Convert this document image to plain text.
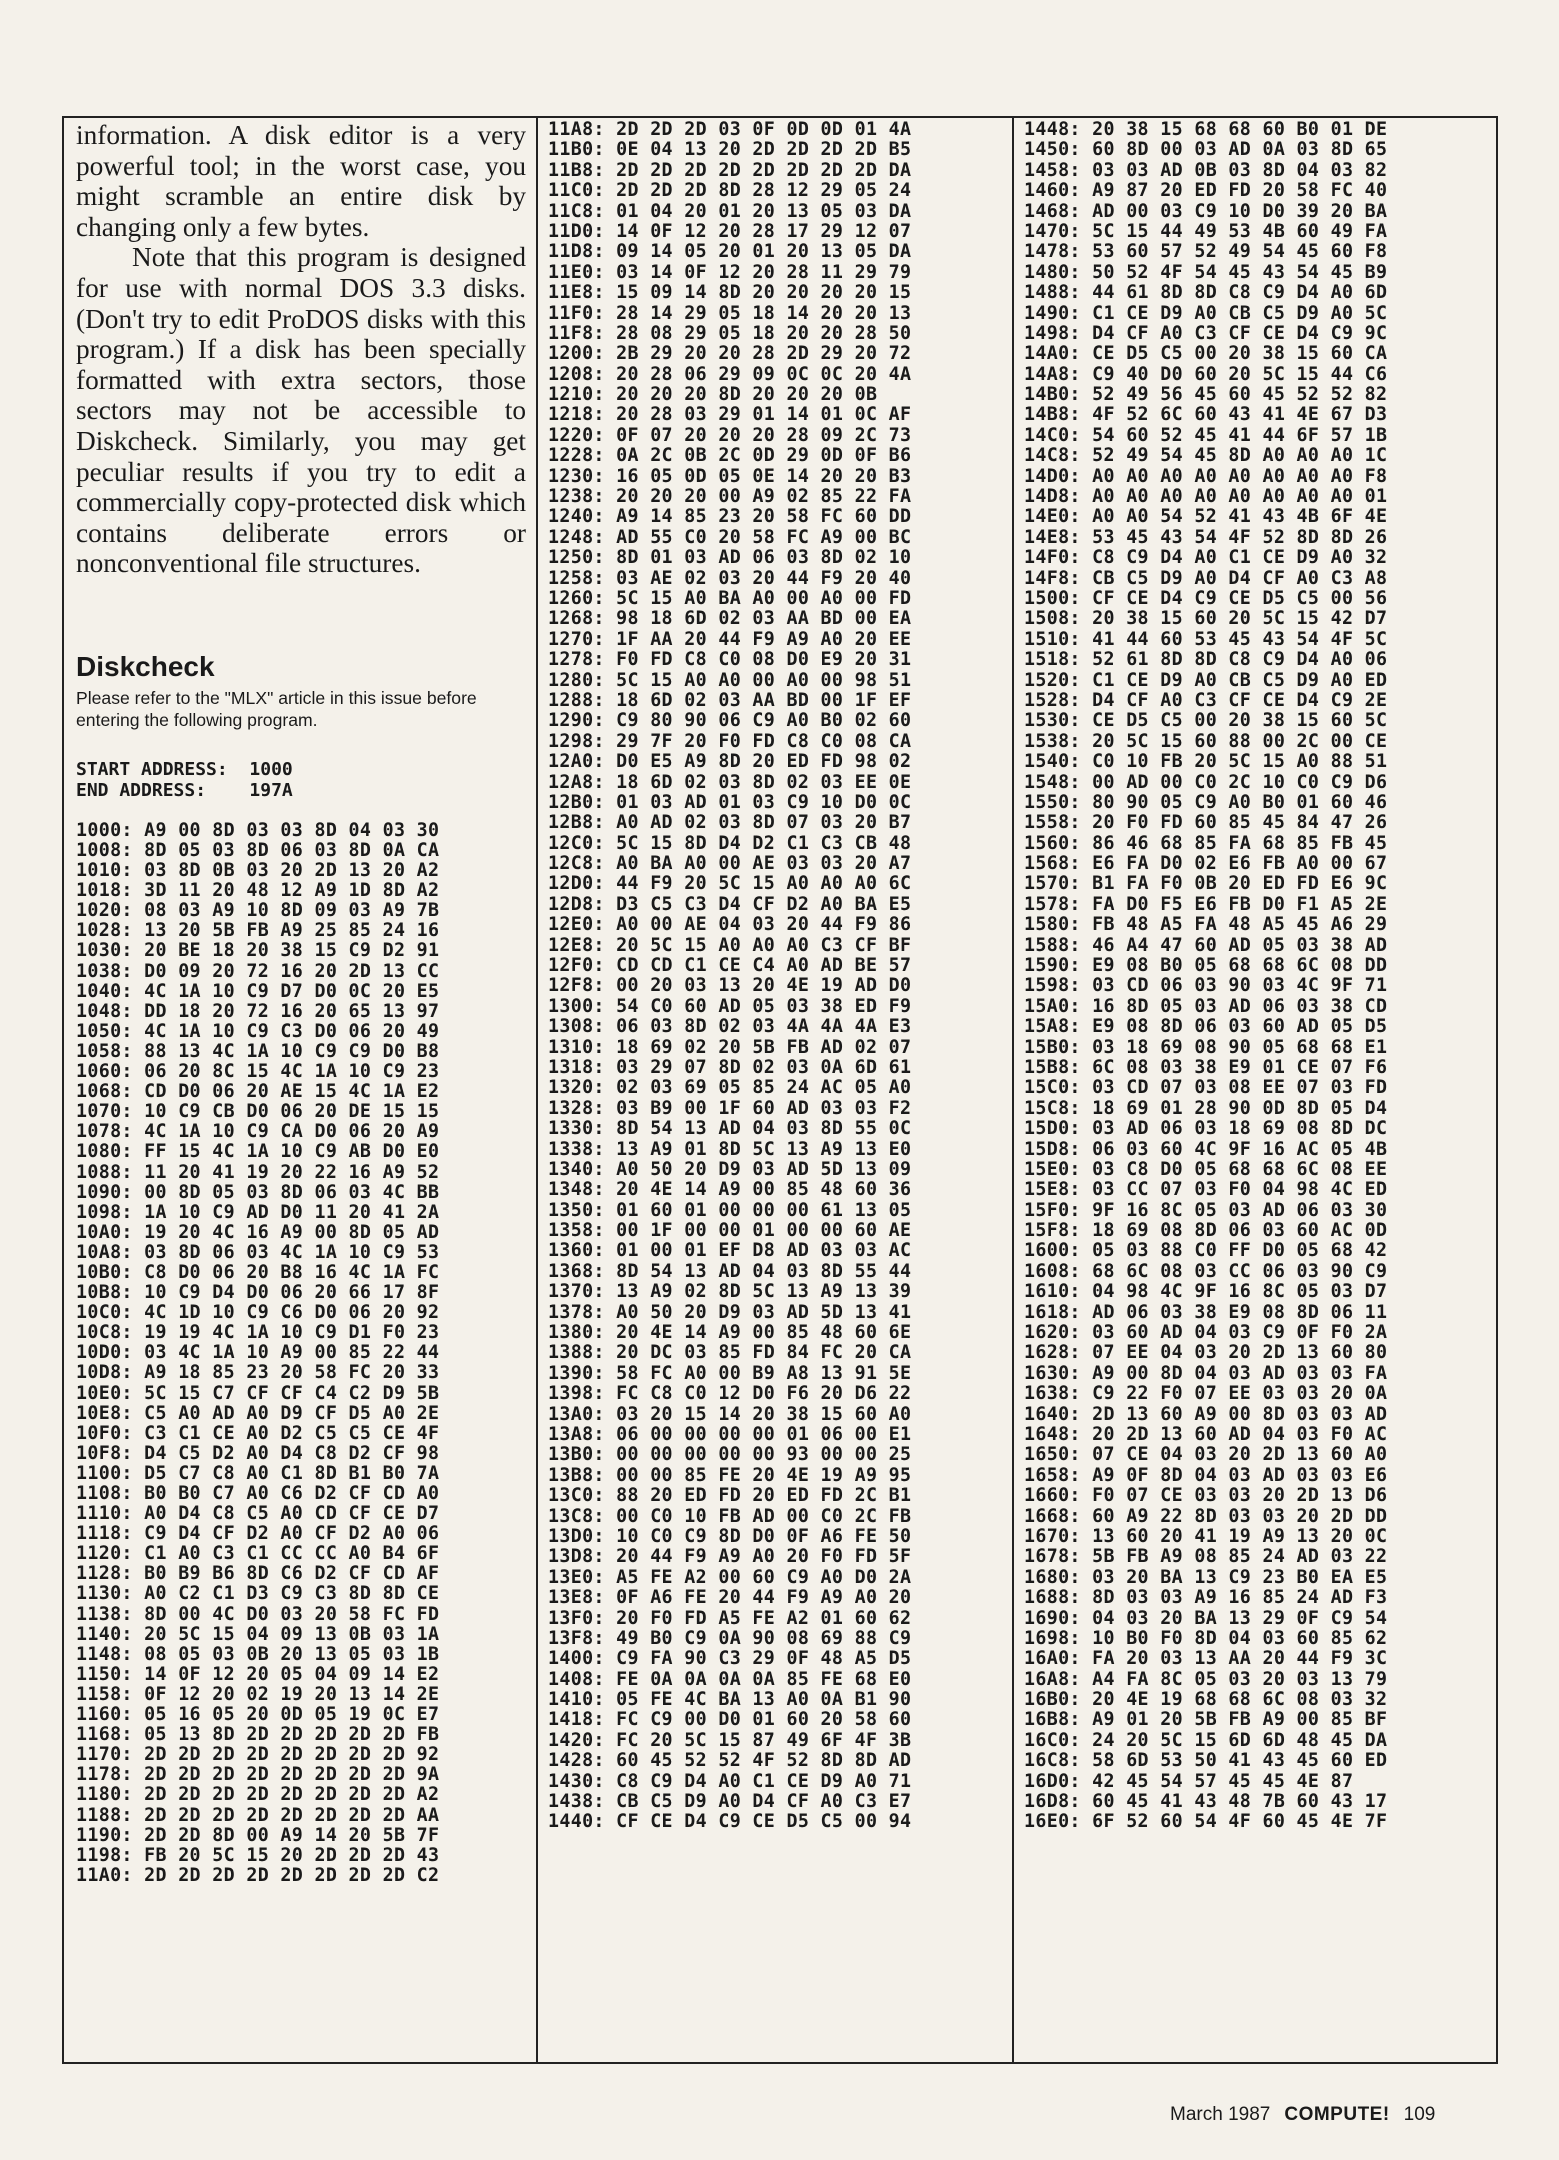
information. A disk editor is a very powerful tool; in the worst case, you might scramble an entire disk by changing only a few bytes.

Note that this program is designed for use with normal DOS 3.3 disks. (Don't try to edit ProDOS disks with this program.) If a disk has been specially formatted with extra sectors, those sectors may not be accessible to Diskcheck. Similarly, you may get peculiar results if you try to edit a commercially copy-protected disk which contains deliberate errors or nonconventional file structures.

Diskcheck
Please refer to the "MLX" article in this issue before entering the following program.
START ADDRESS:  1000
END ADDRESS:    197A
1000: A9 00 8D 03 03 8D 04 03 30
1008: 8D 05 03 8D 06 03 8D 0A CA
1010: 03 8D 0B 03 20 2D 13 20 A2
1018: 3D 11 20 48 12 A9 1D 8D A2
1020: 08 03 A9 10 8D 09 03 A9 7B
1028: 13 20 5B FB A9 25 85 24 16
1030: 20 BE 18 20 38 15 C9 D2 91
1038: D0 09 20 72 16 20 2D 13 CC
1040: 4C 1A 10 C9 D7 D0 0C 20 E5
1048: DD 18 20 72 16 20 65 13 97
1050: 4C 1A 10 C9 C3 D0 06 20 49
1058: 88 13 4C 1A 10 C9 C9 D0 B8
1060: 06 20 8C 15 4C 1A 10 C9 23
1068: CD D0 06 20 AE 15 4C 1A E2
1070: 10 C9 CB D0 06 20 DE 15 15
1078: 4C 1A 10 C9 CA D0 06 20 A9
1080: FF 15 4C 1A 10 C9 AB D0 E0
1088: 11 20 41 19 20 22 16 A9 52
1090: 00 8D 05 03 8D 06 03 4C BB
1098: 1A 10 C9 AD D0 11 20 41 2A
10A0: 19 20 4C 16 A9 00 8D 05 AD
10A8: 03 8D 06 03 4C 1A 10 C9 53
10B0: C8 D0 06 20 B8 16 4C 1A FC
10B8: 10 C9 D4 D0 06 20 66 17 8F
10C0: 4C 1D 10 C9 C6 D0 06 20 92
10C8: 19 19 4C 1A 10 C9 D1 F0 23
10D0: 03 4C 1A 10 A9 00 85 22 44
10D8: A9 18 85 23 20 58 FC 20 33
10E0: 5C 15 C7 CF CF C4 C2 D9 5B
10E8: C5 A0 AD A0 D9 CF D5 A0 2E
10F0: C3 C1 CE A0 D2 C5 C5 CE 4F
10F8: D4 C5 D2 A0 D4 C8 D2 CF 98
1100: D5 C7 C8 A0 C1 8D B1 B0 7A
1108: B0 B0 C7 A0 C6 D2 CF CD A0
1110: A0 D4 C8 C5 A0 CD CF CE D7
1118: C9 D4 CF D2 A0 CF D2 A0 06
1120: C1 A0 C3 C1 CC CC A0 B4 6F
1128: B0 B9 B6 8D C6 D2 CF CD AF
1130: A0 C2 C1 D3 C9 C3 8D 8D CE
1138: 8D 00 4C D0 03 20 58 FC FD
1140: 20 5C 15 04 09 13 0B 03 1A
1148: 08 05 03 0B 20 13 05 03 1B
1150: 14 0F 12 20 05 04 09 14 E2
1158: 0F 12 20 02 19 20 13 14 2E
1160: 05 16 05 20 0D 05 19 0C E7
1168: 05 13 8D 2D 2D 2D 2D 2D FB
1170: 2D 2D 2D 2D 2D 2D 2D 2D 92
1178: 2D 2D 2D 2D 2D 2D 2D 2D 9A
1180: 2D 2D 2D 2D 2D 2D 2D 2D A2
1188: 2D 2D 2D 2D 2D 2D 2D 2D AA
1190: 2D 2D 8D 00 A9 14 20 5B 7F
1198: FB 20 5C 15 20 2D 2D 2D 43
11A0: 2D 2D 2D 2D 2D 2D 2D 2D C2
11A8: 2D 2D 2D 03 0F 0D 0D 01 4A
11B0: 0E 04 13 20 2D 2D 2D 2D B5
11B8: 2D 2D 2D 2D 2D 2D 2D 2D DA
11C0: 2D 2D 2D 8D 28 12 29 05 24
11C8: 01 04 20 01 20 13 05 03 DA
11D0: 14 0F 12 20 28 17 29 12 07
11D8: 09 14 05 20 01 20 13 05 DA
11E0: 03 14 0F 12 20 28 11 29 79
11E8: 15 09 14 8D 20 20 20 20 15
11F0: 28 14 29 05 18 14 20 20 13
11F8: 28 08 29 05 18 20 20 28 50
1200: 2B 29 20 20 28 2D 29 20 72
1208: 20 28 06 29 09 0C 0C 20 4A
1210: 20 20 20 8D 20 20 20 0B
1218: 20 28 03 29 01 14 01 0C AF
1220: 0F 07 20 20 20 28 09 2C 73
1228: 0A 2C 0B 2C 0D 29 0D 0F B6
1230: 16 05 0D 05 0E 14 20 20 B3
1238: 20 20 20 00 A9 02 85 22 FA
1240: A9 14 85 23 20 58 FC 60 DD
1248: AD 55 C0 20 58 FC A9 00 BC
1250: 8D 01 03 AD 06 03 8D 02 10
1258: 03 AE 02 03 20 44 F9 20 40
1260: 5C 15 A0 BA A0 00 A0 00 FD
1268: 98 18 6D 02 03 AA BD 00 EA
1270: 1F AA 20 44 F9 A9 A0 20 EE
1278: F0 FD C8 C0 08 D0 E9 20 31
1280: 5C 15 A0 A0 00 A0 00 98 51
1288: 18 6D 02 03 AA BD 00 1F EF
1290: C9 80 90 06 C9 A0 B0 02 60
1298: 29 7F 20 F0 FD C8 C0 08 CA
12A0: D0 E5 A9 8D 20 ED FD 98 02
12A8: 18 6D 02 03 8D 02 03 EE 0E
12B0: 01 03 AD 01 03 C9 10 D0 0C
12B8: A0 AD 02 03 8D 07 03 20 B7
12C0: 5C 15 8D D4 D2 C1 C3 CB 48
12C8: A0 BA A0 00 AE 03 03 20 A7
12D0: 44 F9 20 5C 15 A0 A0 A0 6C
12D8: D3 C5 C3 D4 CF D2 A0 BA E5
12E0: A0 00 AE 04 03 20 44 F9 86
12E8: 20 5C 15 A0 A0 A0 C3 CF BF
12F0: CD CD C1 CE C4 A0 AD BE 57
12F8: 00 20 03 13 20 4E 19 AD D0
1300: 54 C0 60 AD 05 03 38 ED F9
1308: 06 03 8D 02 03 4A 4A 4A E3
1310: 18 69 02 20 5B FB AD 02 07
1318: 03 29 07 8D 02 03 0A 6D 61
1320: 02 03 69 05 85 24 AC 05 A0
1328: 03 B9 00 1F 60 AD 03 03 F2
1330: 8D 54 13 AD 04 03 8D 55 0C
1338: 13 A9 01 8D 5C 13 A9 13 E0
1340: A0 50 20 D9 03 AD 5D 13 09
1348: 20 4E 14 A9 00 85 48 60 36
1350: 01 60 01 00 00 00 61 13 05
1358: 00 1F 00 00 01 00 00 60 AE
1360: 01 00 01 EF D8 AD 03 03 AC
1368: 8D 54 13 AD 04 03 8D 55 44
1370: 13 A9 02 8D 5C 13 A9 13 39
1378: A0 50 20 D9 03 AD 5D 13 41
1380: 20 4E 14 A9 00 85 48 60 6E
1388: 20 DC 03 85 FD 84 FC 20 CA
1390: 58 FC A0 00 B9 A8 13 91 5E
1398: FC C8 C0 12 D0 F6 20 D6 22
13A0: 03 20 15 14 20 38 15 60 A0
13A8: 06 00 00 00 00 01 06 00 E1
13B0: 00 00 00 00 00 93 00 00 25
13B8: 00 00 85 FE 20 4E 19 A9 95
13C0: 88 20 ED FD 20 ED FD 2C B1
13C8: 00 C0 10 FB AD 00 C0 2C FB
13D0: 10 C0 C9 8D D0 0F A6 FE 50
13D8: 20 44 F9 A9 A0 20 F0 FD 5F
13E0: A5 FE A2 00 60 C9 A0 D0 2A
13E8: 0F A6 FE 20 44 F9 A9 A0 20
13F0: 20 F0 FD A5 FE A2 01 60 62
13F8: 49 B0 C9 0A 90 08 69 88 C9
1400: C9 FA 90 C3 29 0F 48 A5 D5
1408: FE 0A 0A 0A 0A 85 FE 68 E0
1410: 05 FE 4C BA 13 A0 0A B1 90
1418: FC C9 00 D0 01 60 20 58 60
1420: FC 20 5C 15 87 49 6F 4F 3B
1428: 60 45 52 52 4F 52 8D 8D AD
1430: C8 C9 D4 A0 C1 CE D9 A0 71
1438: CB C5 D9 A0 D4 CF A0 C3 E7
1440: CF CE D4 C9 CE D5 C5 00 94
1448: 20 38 15 68 68 60 B0 01 DE
1450: 60 8D 00 03 AD 0A 03 8D 65
1458: 03 03 AD 0B 03 8D 04 03 82
1460: A9 87 20 ED FD 20 58 FC 40
1468: AD 00 03 C9 10 D0 39 20 BA
1470: 5C 15 44 49 53 4B 60 49 FA
1478: 53 60 57 52 49 54 45 60 F8
1480: 50 52 4F 54 45 43 54 45 B9
1488: 44 61 8D 8D C8 C9 D4 A0 6D
1490: C1 CE D9 A0 CB C5 D9 A0 5C
1498: D4 CF A0 C3 CF CE D4 C9 9C
14A0: CE D5 C5 00 20 38 15 60 CA
14A8: C9 40 D0 60 20 5C 15 44 C6
14B0: 52 49 56 45 60 45 52 52 82
14B8: 4F 52 6C 60 43 41 4E 67 D3
14C0: 54 60 52 45 41 44 6F 57 1B
14C8: 52 49 54 45 8D A0 A0 A0 1C
14D0: A0 A0 A0 A0 A0 A0 A0 A0 F8
14D8: A0 A0 A0 A0 A0 A0 A0 A0 01
14E0: A0 A0 54 52 41 43 4B 6F 4E
14E8: 53 45 43 54 4F 52 8D 8D 26
14F0: C8 C9 D4 A0 C1 CE D9 A0 32
14F8: CB C5 D9 A0 D4 CF A0 C3 A8
1500: CF CE D4 C9 CE D5 C5 00 56
1508: 20 38 15 60 20 5C 15 42 D7
1510: 41 44 60 53 45 43 54 4F 5C
1518: 52 61 8D 8D C8 C9 D4 A0 06
1520: C1 CE D9 A0 CB C5 D9 A0 ED
1528: D4 CF A0 C3 CF CE D4 C9 2E
1530: CE D5 C5 00 20 38 15 60 5C
1538: 20 5C 15 60 88 00 2C 00 CE
1540: C0 10 FB 20 5C 15 A0 88 51
1548: 00 AD 00 C0 2C 10 C0 C9 D6
1550: 80 90 05 C9 A0 B0 01 60 46
1558: 20 F0 FD 60 85 45 84 47 26
1560: 86 46 68 85 FA 68 85 FB 45
1568: E6 FA D0 02 E6 FB A0 00 67
1570: B1 FA F0 0B 20 ED FD E6 9C
1578: FA D0 F5 E6 FB D0 F1 A5 2E
1580: FB 48 A5 FA 48 A5 45 A6 29
1588: 46 A4 47 60 AD 05 03 38 AD
1590: E9 08 B0 05 68 68 6C 08 DD
1598: 03 CD 06 03 90 03 4C 9F 71
15A0: 16 8D 05 03 AD 06 03 38 CD
15A8: E9 08 8D 06 03 60 AD 05 D5
15B0: 03 18 69 08 90 05 68 68 E1
15B8: 6C 08 03 38 E9 01 CE 07 F6
15C0: 03 CD 07 03 08 EE 07 03 FD
15C8: 18 69 01 28 90 0D 8D 05 D4
15D0: 03 AD 06 03 18 69 08 8D DC
15D8: 06 03 60 4C 9F 16 AC 05 4B
15E0: 03 C8 D0 05 68 68 6C 08 EE
15E8: 03 CC 07 03 F0 04 98 4C ED
15F0: 9F 16 8C 05 03 AD 06 03 30
15F8: 18 69 08 8D 06 03 60 AC 0D
1600: 05 03 88 C0 FF D0 05 68 42
1608: 68 6C 08 03 CC 06 03 90 C9
1610: 04 98 4C 9F 16 8C 05 03 D7
1618: AD 06 03 38 E9 08 8D 06 11
1620: 03 60 AD 04 03 C9 0F F0 2A
1628: 07 EE 04 03 20 2D 13 60 80
1630: A9 00 8D 04 03 AD 03 03 FA
1638: C9 22 F0 07 EE 03 03 20 0A
1640: 2D 13 60 A9 00 8D 03 03 AD
1648: 20 2D 13 60 AD 04 03 F0 AC
1650: 07 CE 04 03 20 2D 13 60 A0
1658: A9 0F 8D 04 03 AD 03 03 E6
1660: F0 07 CE 03 03 20 2D 13 D6
1668: 60 A9 22 8D 03 03 20 2D DD
1670: 13 60 20 41 19 A9 13 20 0C
1678: 5B FB A9 08 85 24 AD 03 22
1680: 03 20 BA 13 C9 23 B0 EA E5
1688: 8D 03 03 A9 16 85 24 AD F3
1690: 04 03 20 BA 13 29 0F C9 54
1698: 10 B0 F0 8D 04 03 60 85 62
16A0: FA 20 03 13 AA 20 44 F9 3C
16A8: A4 FA 8C 05 03 20 03 13 79
16B0: 20 4E 19 68 68 6C 08 03 32
16B8: A9 01 20 5B FB A9 00 85 BF
16C0: 24 20 5C 15 6D 6D 48 45 DA
16C8: 58 6D 53 50 41 43 45 60 ED
16D0: 42 45 54 57 45 45 4E 87
16D8: 60 45 41 43 48 7B 60 43 17
16E0: 6F 52 60 54 4F 60 45 4E 7F
March 1987 COMPUTE! 109
